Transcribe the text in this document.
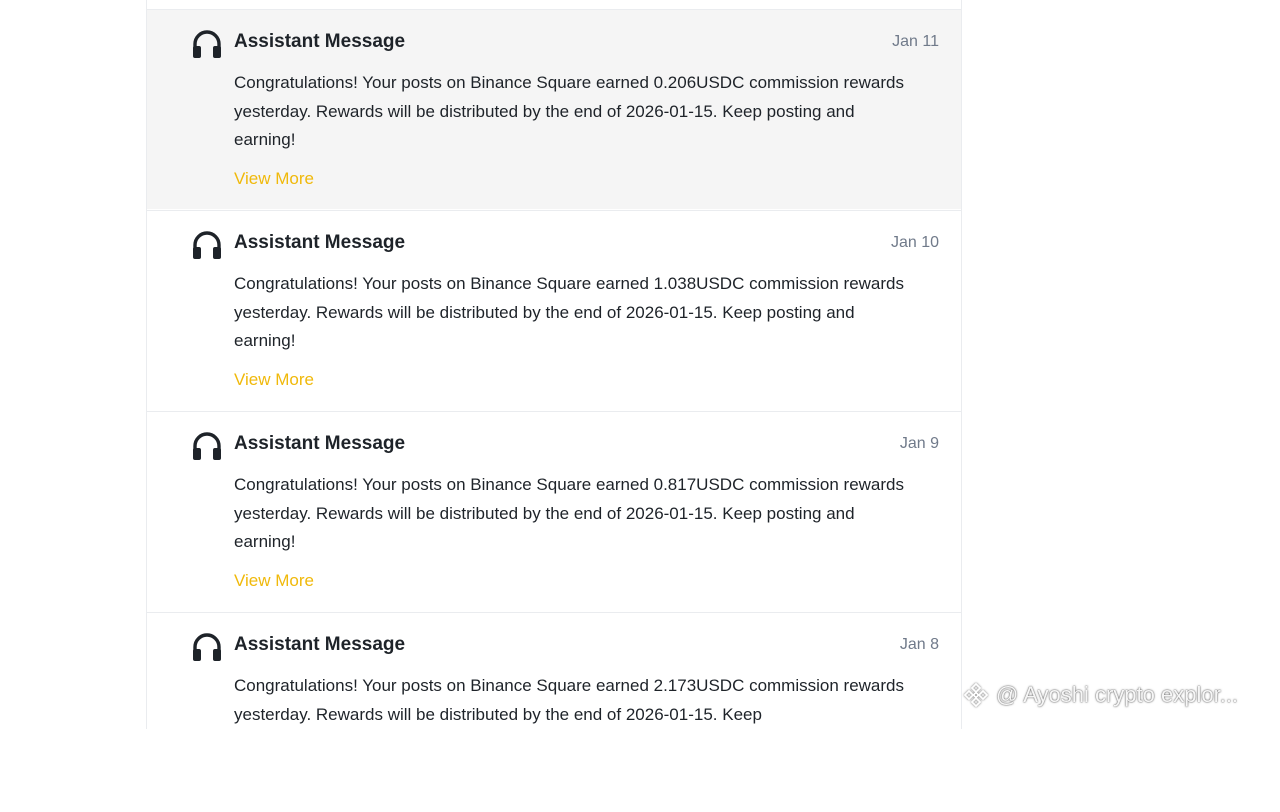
Assistant Message	Jan 11
Congratulations! Your posts on Binance Square earned 0.206USDC commission rewards yesterday. Rewards will be distributed by the end of 2026-01-15. Keep posting and earning!
View More
Assistant Message	Jan 10
Congratulations! Your posts on Binance Square earned 1.038USDC commission rewards yesterday. Rewards will be distributed by the end of 2026-01-15. Keep posting and earning!
View More
Assistant Message	Jan 9
Congratulations! Your posts on Binance Square earned 0.817USDC commission rewards yesterday. Rewards will be distributed by the end of 2026-01-15. Keep posting and earning!
View More
Assistant Message	Jan 8
Congratulations! Your posts on Binance Square earned 2.173USDC commission rewards yesterday. Rewards will be distributed by the end of 2026-01-15. Keep
@ Ayoshi crypto explor...
